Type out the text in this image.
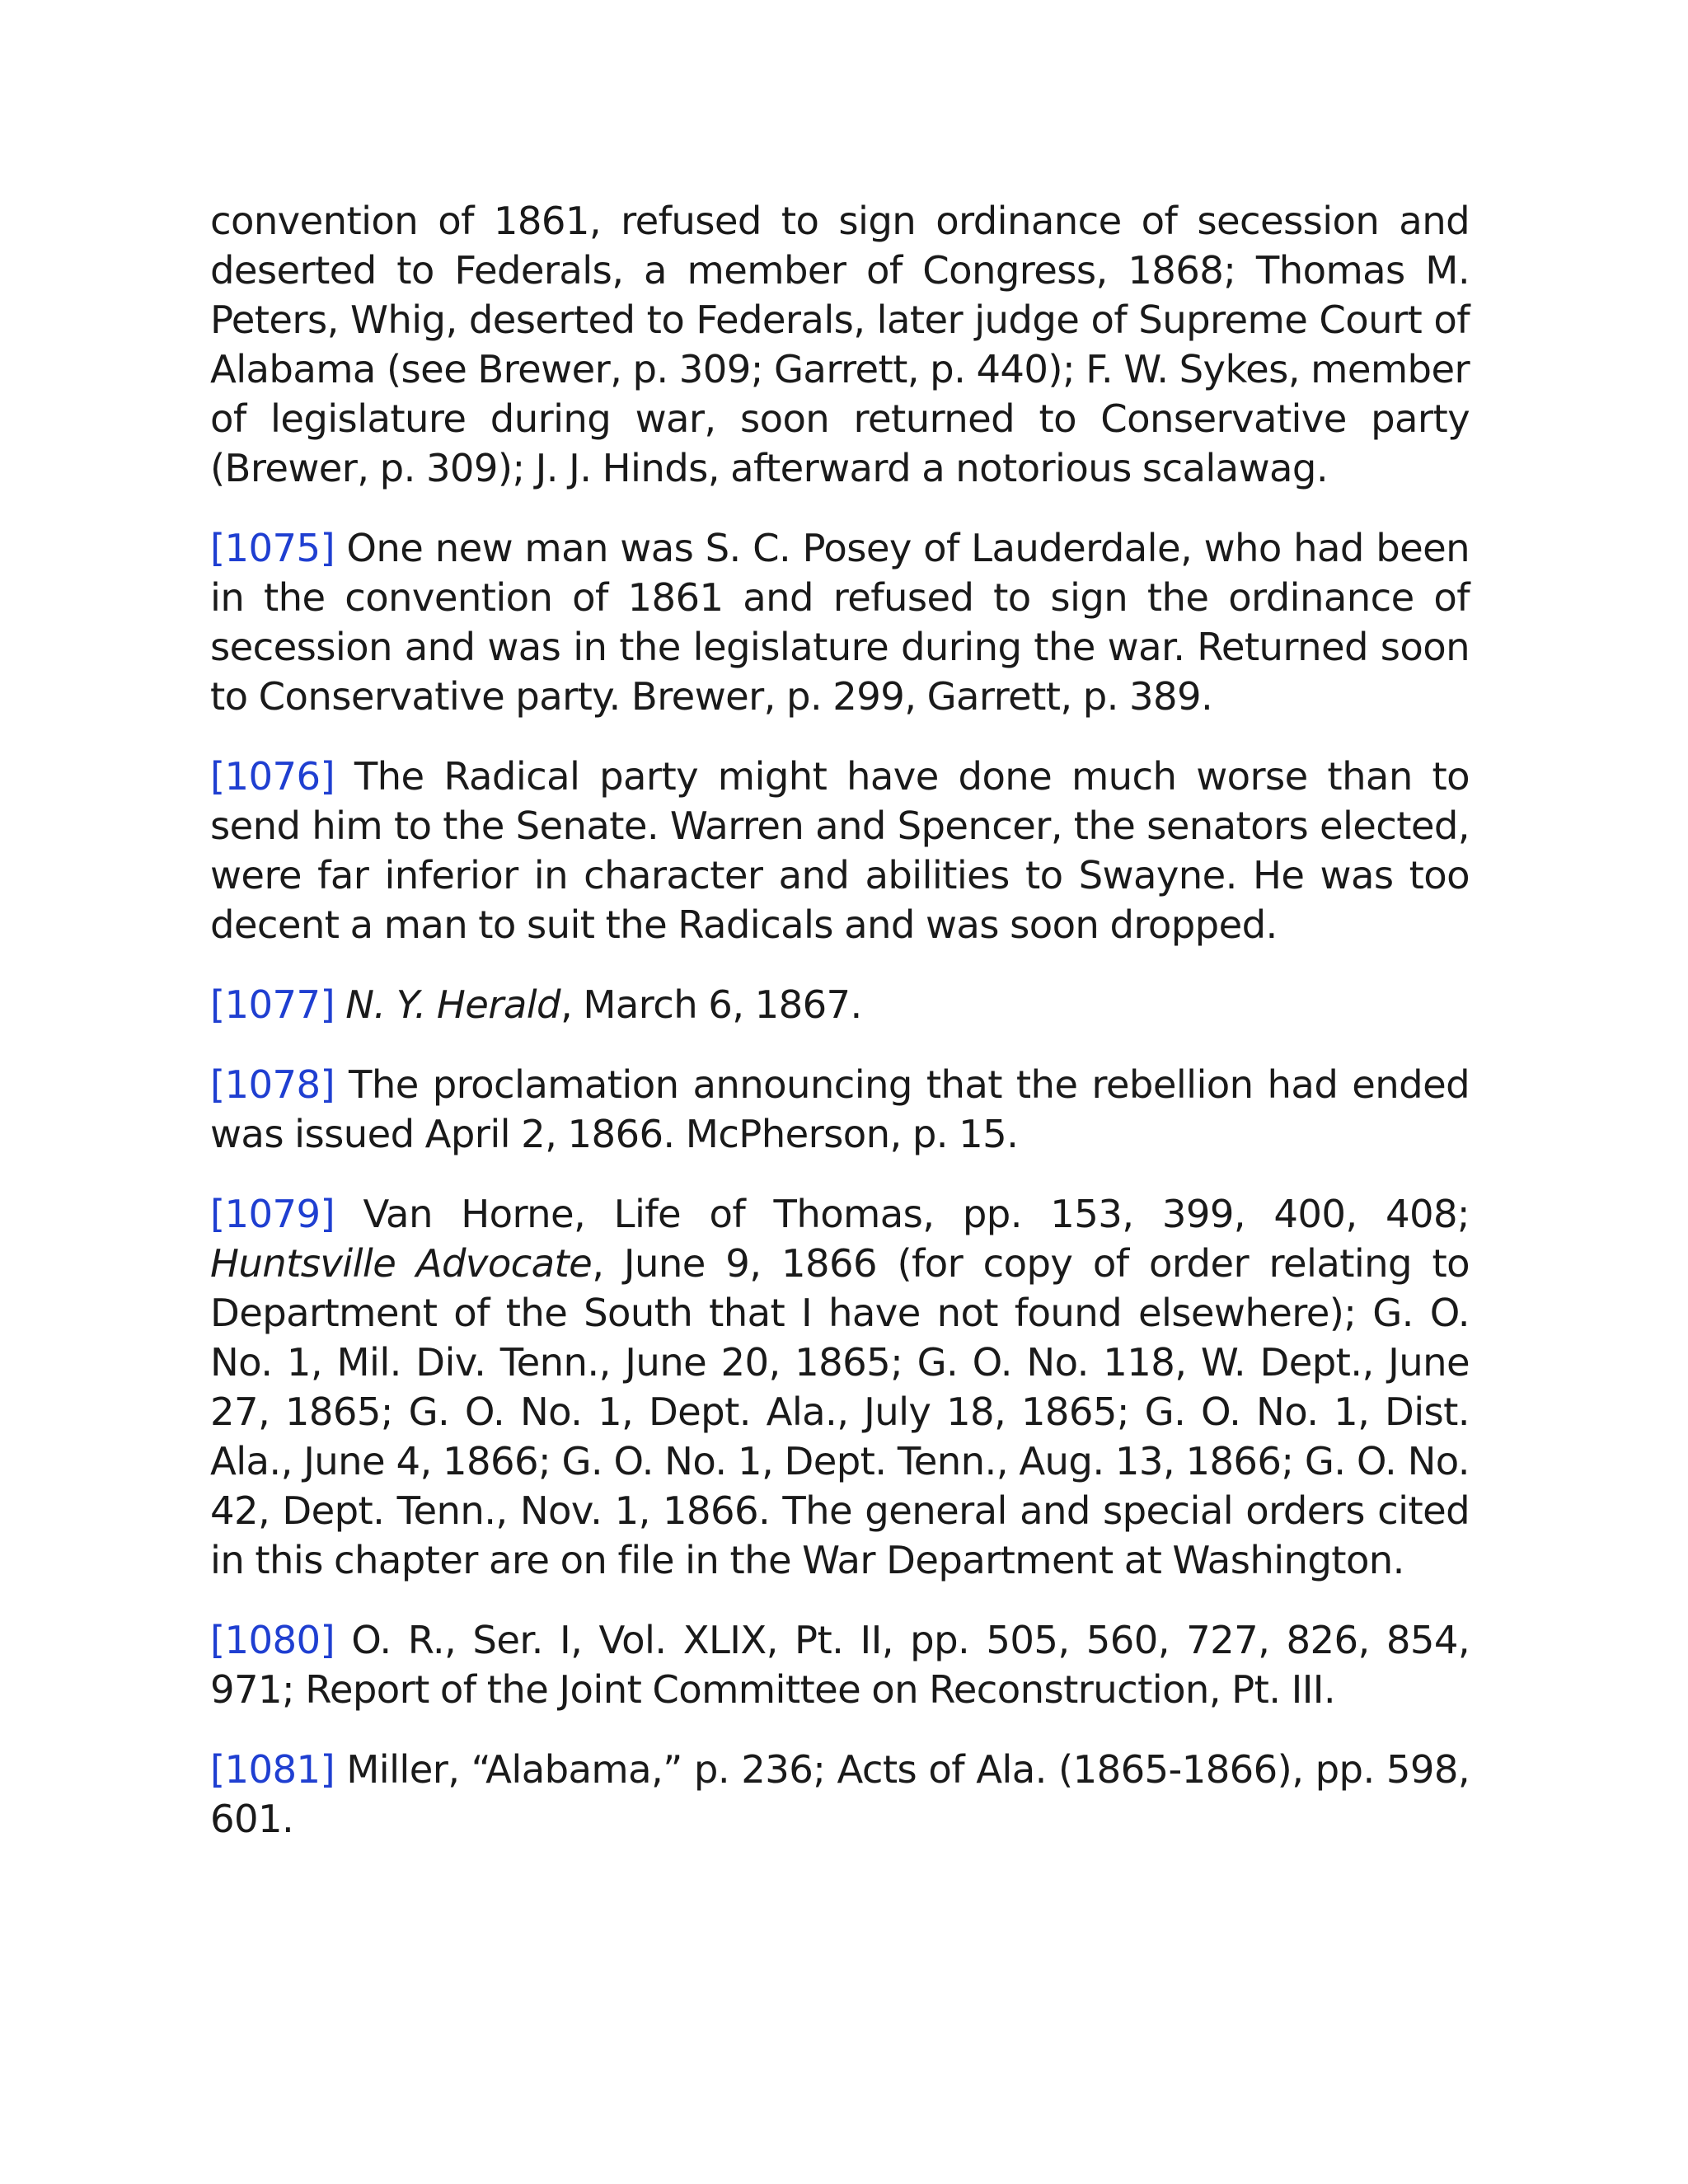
convention of 1861, refused to sign ordinance of secession and deserted to Federals, a member of Congress, 1868; Thomas M. Peters, Whig, deserted to Federals, later judge of Supreme Court of Alabama (see Brewer, p. 309; Garrett, p. 440); F. W. Sykes, member of legislature during war, soon returned to Conservative party (Brewer, p. 309); J. J. Hinds, afterward a notorious scalawag.

[1075] One new man was S. C. Posey of Lauderdale, who had been in the convention of 1861 and refused to sign the ordinance of secession and was in the legislature during the war. Returned soon to Conservative party. Brewer, p. 299, Garrett, p. 389.

[1076] The Radical party might have done much worse than to send him to the Senate. Warren and Spencer, the senators elected, were far inferior in character and abilities to Swayne. He was too decent a man to suit the Radicals and was soon dropped.

[1077] N. Y. Herald, March 6, 1867.

[1078] The proclamation announcing that the rebellion had ended was issued April 2, 1866. McPherson, p. 15.

[1079] Van Horne, Life of Thomas, pp. 153, 399, 400, 408; Huntsville Advocate, June 9, 1866 (for copy of order relating to Department of the South that I have not found elsewhere); G. O. No. 1, Mil. Div. Tenn., June 20, 1865; G. O. No. 118, W. Dept., June 27, 1865; G. O. No. 1, Dept. Ala., July 18, 1865; G. O. No. 1, Dist. Ala., June 4, 1866; G. O. No. 1, Dept. Tenn., Aug. 13, 1866; G. O. No. 42, Dept. Tenn., Nov. 1, 1866. The general and special orders cited in this chapter are on file in the War Department at Washington.

[1080] O. R., Ser. I, Vol. XLIX, Pt. II, pp. 505, 560, 727, 826, 854, 971; Report of the Joint Committee on Reconstruction, Pt. III.

[1081] Miller, “Alabama,” p. 236; Acts of Ala. (1865-1866), pp. 598, 601.
